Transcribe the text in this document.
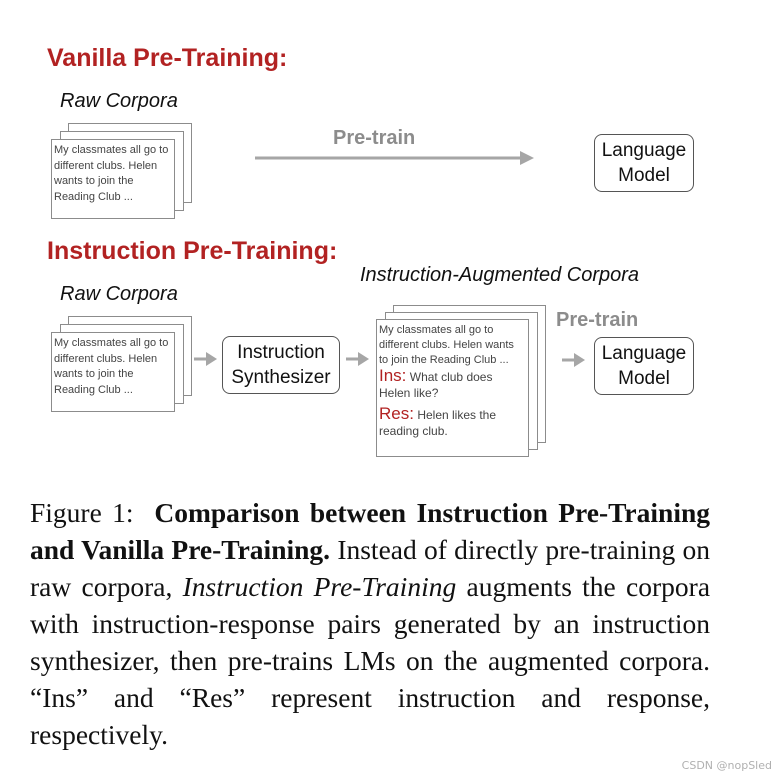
Vanilla Pre-Training:
Raw Corpora
My classmates all go to different clubs. Helen wants to join the Reading Club ...
Pre-train
Language
Model
Instruction Pre-Training:
Instruction-Augmented Corpora
Raw Corpora
My classmates all go to different clubs. Helen wants to join the Reading Club ...
Instruction
Synthesizer
My classmates all go to different clubs. Helen wants to join the Reading Club ...
Ins: What club does Helen like?
Res: Helen likes the reading club.
Pre-train
Language
Model
Figure 1: Comparison between Instruction Pre-Training and Vanilla Pre-Training. Instead of directly pre-training on raw corpora, Instruction Pre-Training augments the corpora with instruction-response pairs generated by an instruction synthesizer, then pre-trains LMs on the augmented corpora. “Ins” and “Res” represent instruction and response, respectively.
CSDN @nopSled
